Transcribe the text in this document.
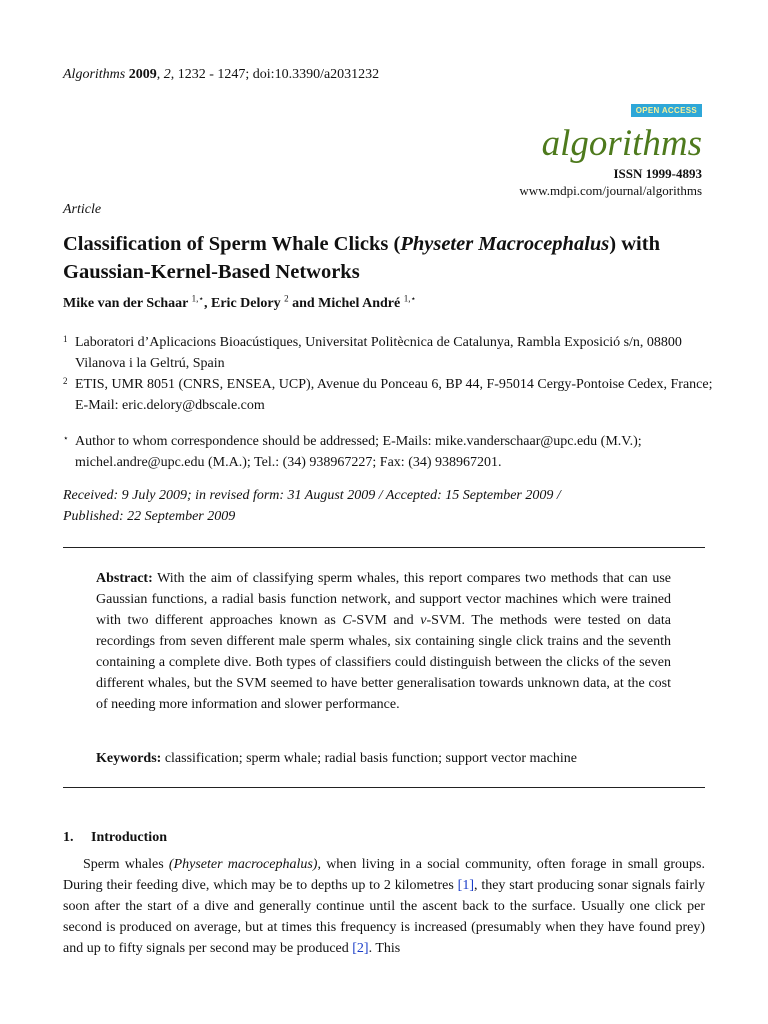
Algorithms 2009, 2, 1232 - 1247; doi:10.3390/a2031232
OPEN ACCESS
algorithms
ISSN 1999-4893
www.mdpi.com/journal/algorithms
Article
Classification of Sperm Whale Clicks (Physeter Macrocephalus) with Gaussian-Kernel-Based Networks
Mike van der Schaar $^{1,⋆}$, Eric Delory $^2$ and Michel André $^{1,⋆}$
1 Laboratori d’Aplicacions Bioacústiques, Universitat Politècnica de Catalunya, Rambla Exposició s/n, 08800 Vilanova i la Geltrú, Spain
2 ETIS, UMR 8051 (CNRS, ENSEA, UCP), Avenue du Ponceau 6, BP 44, F-95014 Cergy-Pontoise Cedex, France; E-Mail: eric.delory@dbscale.com
⋆ Author to whom correspondence should be addressed; E-Mails: mike.vanderschaar@upc.edu (M.V.); michel.andre@upc.edu (M.A.); Tel.: (34) 938967227; Fax: (34) 938967201.
Received: 9 July 2009; in revised form: 31 August 2009 / Accepted: 15 September 2009 /
Published: 22 September 2009
Abstract: With the aim of classifying sperm whales, this report compares two methods that can use Gaussian functions, a radial basis function network, and support vector machines which were trained with two different approaches known as C-SVM and ν-SVM. The methods were tested on data recordings from seven different male sperm whales, six containing single click trains and the seventh containing a complete dive. Both types of classifiers could distinguish between the clicks of the seven different whales, but the SVM seemed to have better generalisation towards unknown data, at the cost of needing more information and slower performance.
Keywords: classification; sperm whale; radial basis function; support vector machine
1. Introduction
Sperm whales (Physeter macrocephalus), when living in a social community, often forage in small groups. During their feeding dive, which may be to depths up to 2 kilometres [1], they start producing sonar signals fairly soon after the start of a dive and generally continue until the ascent back to the surface. Usually one click per second is produced on average, but at times this frequency is increased (presumably when they have found prey) and up to fifty signals per second may be produced [2]. This
